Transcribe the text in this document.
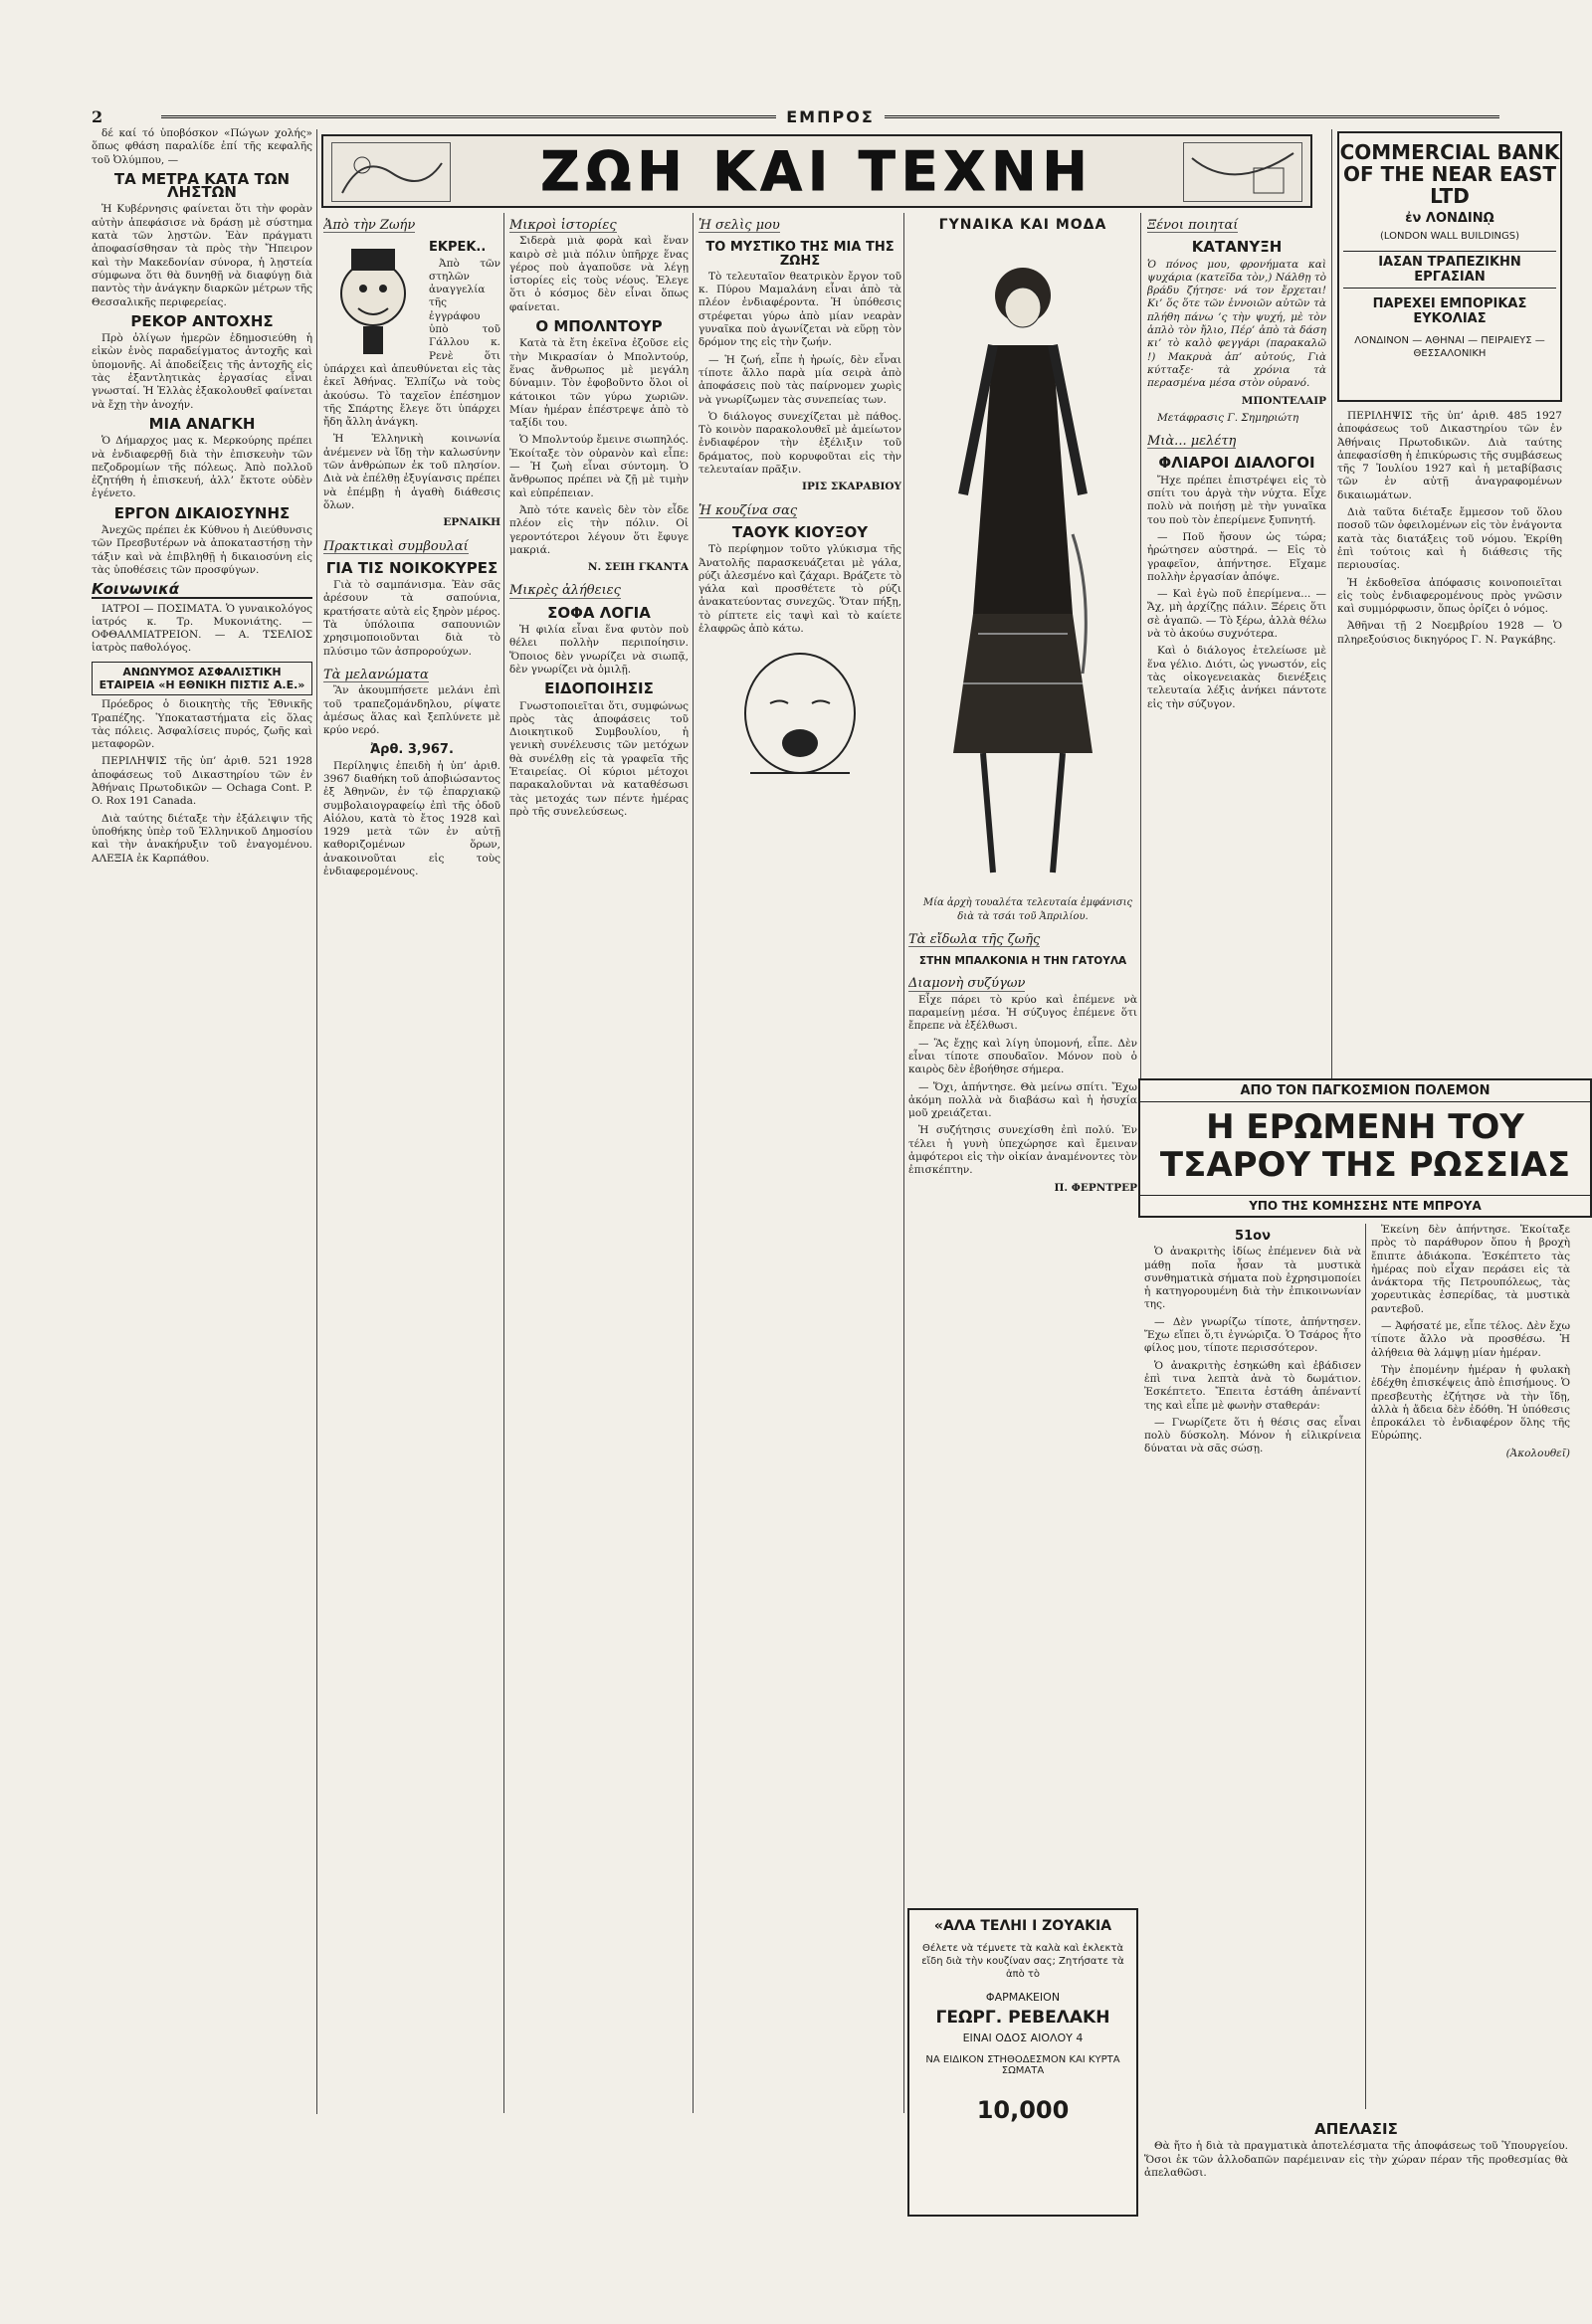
2	ΕΜΠΡΟΣ
ΖΩΗ ΚΑΙ ΤΕΧΝΗ

δέ καί τό ὑποβόσκον «Πώγων χολής» ὅπως φθάση παραλίδε ἐπί τῆς κεφαλῆς τοῦ Ὀλύμπου, —

ΤΑ ΜΕΤΡΑ ΚΑΤΑ ΤΩΝ ΛΗΣΤΩΝ

Ἡ Κυβέρνησις φαίνεται ὅτι τὴν φορὰν αὐτὴν ἀπεφάσισε νὰ δράσῃ μὲ σύστημα κατὰ τῶν λῃστῶν. Ἐὰν πράγματι ἀποφασίσθησαν τὰ πρὸς τὴν Ἤπειρον καὶ τὴν Μακεδονίαν σύνορα, ἡ λῃστεία σύμφωνα ὅτι θὰ δυνηθῇ νὰ διαφύγῃ διὰ παντὸς τὴν ἀνάγκην διαρκῶν μέτρων τῆς Θεσσαλικῆς περιφερείας.

ΡΕΚΟΡ ΑΝΤΟΧΗΣ

Πρὸ ὀλίγων ἡμερῶν ἐδημοσιεύθη ἡ εἰκὼν ἑνὸς παραδείγματος ἀντοχῆς καὶ ὑπομονῆς. Αἱ ἀποδείξεις τῆς ἀντοχῆς εἰς τὰς ἐξαντλητικὰς ἐργασίας εἶναι γνωσταί. Ἡ Ἑλλὰς ἐξακολουθεῖ φαίνεται νὰ ἔχῃ τὴν ἀνοχήν.

ΜΙΑ ΑΝΑΓΚΗ

Ὁ Δήμαρχος μας κ. Μερκούρης πρέπει νὰ ἐνδιαφερθῇ διὰ τὴν ἐπισκευὴν τῶν πεζοδρομίων τῆς πόλεως. Ἀπὸ πολλοῦ ἐζητήθη ἡ ἐπισκευή, ἀλλ’ ἔκτοτε οὐδὲν ἐγένετο.

ΕΡΓΟΝ ΔΙΚΑΙΟΣΥΝΗΣ

Ἀνεχῶς πρέπει ἐκ Κύθνου ἡ Διεύθυνσις τῶν Πρεσβυτέρων νὰ ἀποκαταστήσῃ τὴν τάξιν καὶ νὰ ἐπιβληθῇ ἡ δικαιοσύνη εἰς τὰς ὑποθέσεις τῶν προσφύγων.

Κοινωνικά

ΙΑΤΡΟΙ — ΠΟΣΙΜΑΤΑ. Ὁ γυναικολόγος ἰατρός κ. Τρ. Μυκονιάτης. — ΟΦΘΑΛΜΙΑΤΡΕΙΟΝ. — Α. ΤΣΕΛΙΟΣ ἰατρὸς παθολόγος.

ΑΝΩΝΥΜΟΣ ΑΣΦΑΛΙΣΤΙΚΗ ΕΤΑΙΡΕΙΑ «Η ΕΘΝΙΚΗ ΠΙΣΤΙΣ Α.Ε.»

Πρόεδρος ὁ διοικητὴς τῆς Ἐθνικῆς Τραπέζης. Ὑποκαταστήματα εἰς ὅλας τὰς πόλεις. Ἀσφαλίσεις πυρός, ζωῆς καὶ μεταφορῶν.

ΠΕΡΙΛΗΨΙΣ τῆς ὑπ’ ἀριθ. 521 1928 ἀποφάσεως τοῦ Δικαστηρίου τῶν ἐν Ἀθήναις Πρωτοδικῶν — Ochaga Cont. P. O. Rox 191 Canada.

Διὰ ταύτης διέταξε τὴν ἐξάλειψιν τῆς ὑποθήκης ὑπὲρ τοῦ Ἑλληνικοῦ Δημοσίου καὶ τὴν ἀνακήρυξιν τοῦ ἐναγομένου. ΑΛΕΞΙΑ ἐκ Καρπάθου.

Ἀπὸ τὴν Ζωήν
ΕΚΡΕΚ..

Ἀπὸ τῶν στηλῶν ἀναγγελία τῆς ἐγγράφου ὑπὸ τοῦ Γάλλου κ. Ρενὲ ὅτι ὑπάρχει καὶ ἀπευθύνεται εἰς τὰς ἐκεῖ Ἀθήνας. Ἐλπίζω νὰ τοὺς ἀκούσω. Τὸ ταχεῖον ἐπέσημον τῆς Σπάρτης ἔλεγε ὅτι ὑπάρχει ἤδη ἄλλη ἀνάγκη.

Ἡ Ἑλληνικὴ κοινωνία ἀνέμενεν νὰ ἴδῃ τὴν καλωσύνην τῶν ἀνθρώπων ἐκ τοῦ πλησίον. Διὰ νὰ ἐπέλθῃ ἐξυγίανσις πρέπει νὰ ἐπέμβῃ ἡ ἀγαθὴ διάθεσις ὅλων.

ΕΡΝΑΙΚΗ

Πρακτικαὶ συμβουλαί
ΓΙΑ ΤΙΣ ΝΟΙΚΟΚΥΡΕΣ

Γιὰ τὸ σαμπάνισμα. Ἐὰν σᾶς ἀρέσουν τὰ σαπούνια, κρατήσατε αὐτὰ εἰς ξηρὸν μέρος. Τὰ ὑπόλοιπα σαπουνιῶν χρησιμοποιοῦνται διὰ τὸ πλύσιμο τῶν ἀσπρορούχων.

Τὰ μελανώματα

Ἂν ἀκουμπήσετε μελάνι ἐπὶ τοῦ τραπεζομάνδηλου, ρίψατε ἀμέσως ἅλας καὶ ξεπλύνετε μὲ κρύο νερό.

Ἀρθ. 3,967.

Περίληψις ἐπειδὴ ἡ ὑπ’ ἀριθ. 3967 διαθήκη τοῦ ἀποβιώσαντος ἐξ Ἀθηνῶν, ἐν τῷ ἐπαρχιακῷ συμβολαιογραφείῳ ἐπὶ τῆς ὁδοῦ Αἰόλου, κατὰ τὸ ἔτος 1928 καὶ 1929 μετὰ τῶν ἐν αὐτῇ καθοριζομένων ὅρων, ἀνακοινοῦται εἰς τοὺς ἐνδιαφερομένους.

Μικροὶ ἱστορίες

Σιδερὰ μιὰ φορὰ καὶ ἕναν καιρὸ σὲ μιὰ πόλιν ὑπῆρχε ἕνας γέρος ποὺ ἀγαποῦσε νὰ λέγῃ ἱστορίες εἰς τοὺς νέους. Ἐλεγε ὅτι ὁ κόσμος δὲν εἶναι ὅπως φαίνεται.

Ο ΜΠΟΛΝΤΟΥΡ

Κατὰ τὰ ἔτη ἐκεῖνα ἐζοῦσε εἰς τὴν Μικρασίαν ὁ Μπολντούρ, ἕνας ἄνθρωπος μὲ μεγάλη δύναμιν. Τὸν ἐφοβοῦντο ὅλοι οἱ κάτοικοι τῶν γύρω χωριῶν. Μίαν ἡμέραν ἐπέστρεψε ἀπὸ τὸ ταξίδι του.

Ὁ Μπολντούρ ἔμεινε σιωπηλός. Ἐκοίταξε τὸν οὐρανὸν καὶ εἶπε: — Ἡ ζωὴ εἶναι σύντομη. Ὁ ἄνθρωπος πρέπει νὰ ζῇ μὲ τιμὴν καὶ εὐπρέπειαν.

Ἀπὸ τότε κανεὶς δὲν τὸν εἶδε πλέον εἰς τὴν πόλιν. Οἱ γεροντότεροι λέγουν ὅτι ἔφυγε μακριά.

Ν. ΣΕΙΗ ΓΚΑΝΤΑ

Μικρὲς ἀλήθειες
ΣΟΦΑ ΛΟΓΙΑ

Ἡ φιλία εἶναι ἕνα φυτὸν ποὺ θέλει πολλὴν περιποίησιν. Ὅποιος δὲν γνωρίζει νὰ σιωπᾷ, δὲν γνωρίζει νὰ ὁμιλῇ.

ΕΙΔΟΠΟΙΗΣΙΣ

Γνωστοποιεῖται ὅτι, συμφώνως πρὸς τὰς ἀποφάσεις τοῦ Διοικητικοῦ Συμβουλίου, ἡ γενικὴ συνέλευσις τῶν μετόχων θὰ συνέλθῃ εἰς τὰ γραφεῖα τῆς Ἑταιρείας. Οἱ κύριοι μέτοχοι παρακαλοῦνται νὰ καταθέσωσι τὰς μετοχάς των πέντε ἡμέρας πρὸ τῆς συνελεύσεως.

Ἡ σελὶς μου
ΤΟ ΜΥΣΤΙΚΟ ΤΗΣ ΜΙΑ ΤΗΣ ΖΩΗΣ

Τὸ τελευταῖον θεατρικὸν ἔργον τοῦ κ. Πύρου Μαμαλάνη εἶναι ἀπὸ τὰ πλέον ἐνδιαφέροντα. Ἡ ὑπόθεσις στρέφεται γύρω ἀπὸ μίαν νεαρὰν γυναῖκα ποὺ ἀγωνίζεται νὰ εὕρῃ τὸν δρόμον της εἰς τὴν ζωήν.

— Ἡ ζωή, εἶπε ἡ ἡρωίς, δὲν εἶναι τίποτε ἄλλο παρὰ μία σειρὰ ἀπὸ ἀποφάσεις ποὺ τὰς παίρνομεν χωρὶς νὰ γνωρίζωμεν τὰς συνεπείας των.

Ὁ διάλογος συνεχίζεται μὲ πάθος. Τὸ κοινὸν παρακολουθεῖ μὲ ἀμείωτον ἐνδιαφέρον τὴν ἐξέλιξιν τοῦ δράματος, ποὺ κορυφοῦται εἰς τὴν τελευταίαν πρᾶξιν.

ΙΡΙΣ ΣΚΑΡΑΒΙΟΥ

Ἡ κουζίνα σας
ΤΑΟΥΚ ΚΙΟΥΞΟΥ

Τὸ περίφημον τοῦτο γλύκισμα τῆς Ἀνατολῆς παρασκευάζεται μὲ γάλα, ρύζι ἀλεσμένο καὶ ζάχαρι. Βράζετε τὸ γάλα καὶ προσθέτετε τὸ ρύζι ἀνακατεύοντας συνεχῶς. Ὅταν πήξῃ, τὸ ρίπτετε εἰς ταψὶ καὶ τὸ καίετε ἐλαφρῶς ἀπὸ κάτω.

ΓΥΝΑΙΚΑ ΚΑΙ ΜΟΔΑ

Μία ἀρχὴ τουαλέτα τελευταία ἐμφάνισις διὰ τὰ τσάι τοῦ Ἀπριλίου.

Τὰ εἴδωλα τῆς ζωῆς
ΣΤΗΝ ΜΠΑΛΚΟΝΙΑ Η ΤΗΝ ΓΑΤΟΥΛΑ
Διαμονὴ συζύγων

Εἶχε πάρει τὸ κρύο καὶ ἐπέμενε νὰ παραμείνῃ μέσα. Ἡ σύζυγος ἐπέμενε ὅτι ἔπρεπε νὰ ἐξέλθωσι.

— Ἂς ἔχῃς καὶ λίγη ὑπομονή, εἶπε. Δὲν εἶναι τίποτε σπουδαῖον. Μόνον ποὺ ὁ καιρὸς δὲν ἐβοήθησε σήμερα.

— Ὅχι, ἀπήντησε. Θὰ μείνω σπίτι. Ἔχω ἀκόμη πολλὰ νὰ διαβάσω καὶ ἡ ἡσυχία μοῦ χρειάζεται.

Ἡ συζήτησις συνεχίσθη ἐπὶ πολύ. Ἐν τέλει ἡ γυνὴ ὑπεχώρησε καὶ ἔμειναν ἀμφότεροι εἰς τὴν οἰκίαν ἀναμένοντες τὸν ἐπισκέπτην.

Π. ΦΕΡΝΤΡΕΡ

«ΑΛΑ ΤΕΛΗΙ Ι ΖΟΥΑΚΙΑ
Θέλετε νὰ τέμνετε τὰ καλὰ καὶ ἐκλεκτὰ εἴδη διὰ τὴν κουζίναν σας; Ζητήσατε τὰ ἀπὸ τὸ
ΦΑΡΜΑΚΕΙΟΝ
ΓΕΩΡΓ. ΡΕΒΕΛΑΚΗ
ΕΙΝΑΙ ΟΔΟΣ ΑΙΟΛΟΥ 4
ΝΑ ΕΙΔΙΚΟΝ ΣΤΗΘΟΔΕΣΜΟΝ ΚΑΙ ΚΥΡΤΑ ΣΩΜΑΤΑ
10,000
Ξένοι ποιηταί
ΚΑΤΑΝΥΞΗ

Ὁ πόνος μου, φρονήματα καὶ ψυχάρια (κατεῖδα τὸν,) Νάλθῃ τὸ βράδυ ζήτησε· νά τον ἔρχεται! Κι’ ὅς ὅτε τῶν ἐννοιῶν αὐτῶν τὰ πλήθη πάνω ’ς τὴν ψυχή, μὲ τὸν ἁπλὸ τὸν ἤλιο, Πέρ’ ἀπὸ τὰ δάση κι’ τὸ καλὸ φεγγάρι (παρακαλῶ !) Μακρυὰ ἀπ’ αὐτούς, Γιὰ κύτταξε· τὰ χρόνια τὰ περασμένα μέσα στὸν οὐρανό.

ΜΠΟΝΤΕΛΑΙΡ

Μετάφρασις Γ. Σημηριώτη

Μιὰ... μελέτη
ΦΛΙΑΡΟΙ ΔΙΑΛΟΓΟΙ

Ἤχε πρέπει ἐπιστρέψει εἰς τὸ σπίτι του ἀργὰ τὴν νύχτα. Εἶχε πολὺ νὰ ποιήσῃ μὲ τὴν γυναῖκα του ποὺ τὸν ἐπερίμενε ξυπνητή.

— Ποῦ ἤσουν ὡς τώρα; ἠρώτησεν αὐστηρά. — Εἰς τὸ γραφεῖον, ἀπήντησε. Εἴχαμε πολλὴν ἐργασίαν ἀπόψε.

— Καὶ ἐγὼ ποῦ ἐπερίμενα... — Ἄχ, μὴ ἀρχίζῃς πάλιν. Ξέρεις ὅτι σὲ ἀγαπῶ. — Τὸ ξέρω, ἀλλὰ θέλω νὰ τὸ ἀκούω συχνότερα.

Καὶ ὁ διάλογος ἐτελείωσε μὲ ἕνα γέλιο. Διότι, ὡς γνωστόν, εἰς τὰς οἰκογενειακὰς διενέξεις τελευταία λέξις ἀνήκει πάντοτε εἰς τὴν σύζυγον.

COMMERCIAL BANK OF THE NEAR EAST LTD
ἐν ΛΟΝΔΙΝῼ
(LONDON WALL BUILDINGS)
ΙΑΣΑΝ ΤΡΑΠΕΖΙΚΗΝ ΕΡΓΑΣΙΑΝ
ΠΑΡΕΧΕΙ ΕΜΠΟΡΙΚΑΣ ΕΥΚΟΛΙΑΣ
ΛΟΝΔΙΝΟΝ — ΑΘΗΝΑΙ — ΠΕΙΡΑΙΕΥΣ — ΘΕΣΣΑΛΟΝΙΚΗ

ΠΕΡΙΛΗΨΙΣ τῆς ὑπ’ ἀριθ. 485 1927 ἀποφάσεως τοῦ Δικαστηρίου τῶν ἐν Ἀθήναις Πρωτοδικῶν. Διὰ ταύτης ἀπεφασίσθη ἡ ἐπικύρωσις τῆς συμβάσεως τῆς 7 Ἰουλίου 1927 καὶ ἡ μεταβίβασις τῶν ἐν αὐτῇ ἀναγραφομένων δικαιωμάτων.

Διὰ ταῦτα διέταξε ἔμμεσον τοῦ ὅλου ποσοῦ τῶν ὀφειλομένων εἰς τὸν ἐνάγοντα κατὰ τὰς διατάξεις τοῦ νόμου. Ἐκρίθη ἐπὶ τούτοις καὶ ἡ διάθεσις τῆς περιουσίας.

Ἡ ἐκδοθεῖσα ἀπόφασις κοινοποιεῖται εἰς τοὺς ἐνδιαφερομένους πρὸς γνῶσιν καὶ συμμόρφωσιν, ὅπως ὁρίζει ὁ νόμος.

Ἀθῆναι τῇ 2 Νοεμβρίου 1928 — Ὁ πληρεξούσιος δικηγόρος Γ. Ν. Ραγκάβης.

ΑΠΟ ΤΟΝ ΠΑΓΚΟΣΜΙΟΝ ΠΟΛΕΜΟΝ
Η ΕΡΩΜΕΝΗ ΤΟΥ
ΤΣΑΡΟΥ ΤΗΣ ΡΩΣΣΙΑΣ
ΥΠΟ ΤΗΣ ΚΟΜΗΣΣΗΣ ΝΤΕ ΜΠΡΟΥΑ
51ον

Ὁ ἀνακριτὴς ἰδίως ἐπέμενεν διὰ νὰ μάθῃ ποῖα ἦσαν τὰ μυστικὰ συνθηματικὰ σήματα ποὺ ἐχρησιμοποίει ἡ κατηγορουμένη διὰ τὴν ἐπικοινωνίαν της.

— Δὲν γνωρίζω τίποτε, ἀπήντησεν. Ἔχω εἴπει ὅ,τι ἐγνώριζα. Ὁ Τσάρος ἦτο φίλος μου, τίποτε περισσότερον.

Ὁ ἀνακριτὴς ἐσηκώθη καὶ ἐβάδισεν ἐπὶ τινα λεπτὰ ἀνὰ τὸ δωμάτιον. Ἐσκέπτετο. Ἔπειτα ἐστάθη ἀπέναντί της καὶ εἶπε μὲ φωνὴν σταθεράν:

— Γνωρίζετε ὅτι ἡ θέσις σας εἶναι πολὺ δύσκολη. Μόνον ἡ εἰλικρίνεια δύναται νὰ σᾶς σώσῃ.

Ἐκείνη δὲν ἀπήντησε. Ἐκοίταξε πρὸς τὸ παράθυρον ὅπου ἡ βροχὴ ἔπιπτε ἀδιάκοπα. Ἐσκέπτετο τὰς ἡμέρας ποὺ εἶχαν περάσει εἰς τὰ ἀνάκτορα τῆς Πετρουπόλεως, τὰς χορευτικὰς ἑσπερίδας, τὰ μυστικὰ ραντεβοῦ.

— Ἀφήσατέ με, εἶπε τέλος. Δὲν ἔχω τίποτε ἄλλο νὰ προσθέσω. Ἡ ἀλήθεια θὰ λάμψῃ μίαν ἡμέραν.

Τὴν ἑπομένην ἡμέραν ἡ φυλακὴ ἐδέχθη ἐπισκέψεις ἀπὸ ἐπισήμους. Ὁ πρεσβευτὴς ἐζήτησε νὰ τὴν ἴδῃ, ἀλλὰ ἡ ἄδεια δὲν ἐδόθη. Ἡ ὑπόθεσις ἐπροκάλει τὸ ἐνδιαφέρον ὅλης τῆς Εὐρώπης.

(Ἀκολουθεῖ)

ΑΠΕΛΑΣΙΣ

Θὰ ἤτο ἡ διὰ τὰ πραγματικὰ ἀποτελέσματα τῆς ἀποφάσεως τοῦ Ὑπουργείου. Ὅσοι ἐκ τῶν ἀλλοδαπῶν παρέμειναν εἰς τὴν χώραν πέραν τῆς προθεσμίας θὰ ἀπελαθῶσι.
